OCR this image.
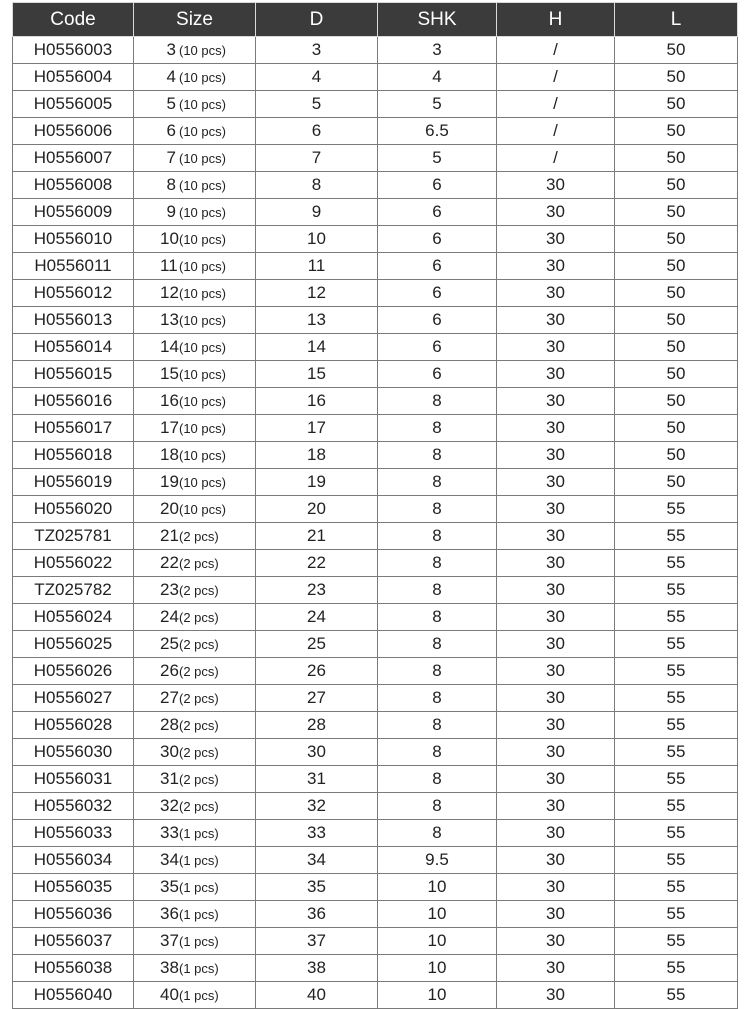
Code	Size	D	SHK	H	L
H0556003	3 (10 pcs)	3	3	/	50
H0556004	4 (10 pcs)	4	4	/	50
H0556005	5 (10 pcs)	5	5	/	50
H0556006	6 (10 pcs)	6	6.5	/	50
H0556007	7 (10 pcs)	7	5	/	50
H0556008	8 (10 pcs)	8	6	30	50
H0556009	9 (10 pcs)	9	6	30	50
H0556010	10(10 pcs)	10	6	30	50
H0556011	11(10 pcs)	11	6	30	50
H0556012	12(10 pcs)	12	6	30	50
H0556013	13(10 pcs)	13	6	30	50
H0556014	14(10 pcs)	14	6	30	50
H0556015	15(10 pcs)	15	6	30	50
H0556016	16(10 pcs)	16	8	30	50
H0556017	17(10 pcs)	17	8	30	50
H0556018	18(10 pcs)	18	8	30	50
H0556019	19(10 pcs)	19	8	30	50
H0556020	20(10 pcs)	20	8	30	55
TZ025781	21(2 pcs)	21	8	30	55
H0556022	22(2 pcs)	22	8	30	55
TZ025782	23(2 pcs)	23	8	30	55
H0556024	24(2 pcs)	24	8	30	55
H0556025	25(2 pcs)	25	8	30	55
H0556026	26(2 pcs)	26	8	30	55
H0556027	27(2 pcs)	27	8	30	55
H0556028	28(2 pcs)	28	8	30	55
H0556030	30(2 pcs)	30	8	30	55
H0556031	31(2 pcs)	31	8	30	55
H0556032	32(2 pcs)	32	8	30	55
H0556033	33(1 pcs)	33	8	30	55
H0556034	34(1 pcs)	34	9.5	30	55
H0556035	35(1 pcs)	35	10	30	55
H0556036	36(1 pcs)	36	10	30	55
H0556037	37(1 pcs)	37	10	30	55
H0556038	38(1 pcs)	38	10	30	55
H0556040	40(1 pcs)	40	10	30	55
